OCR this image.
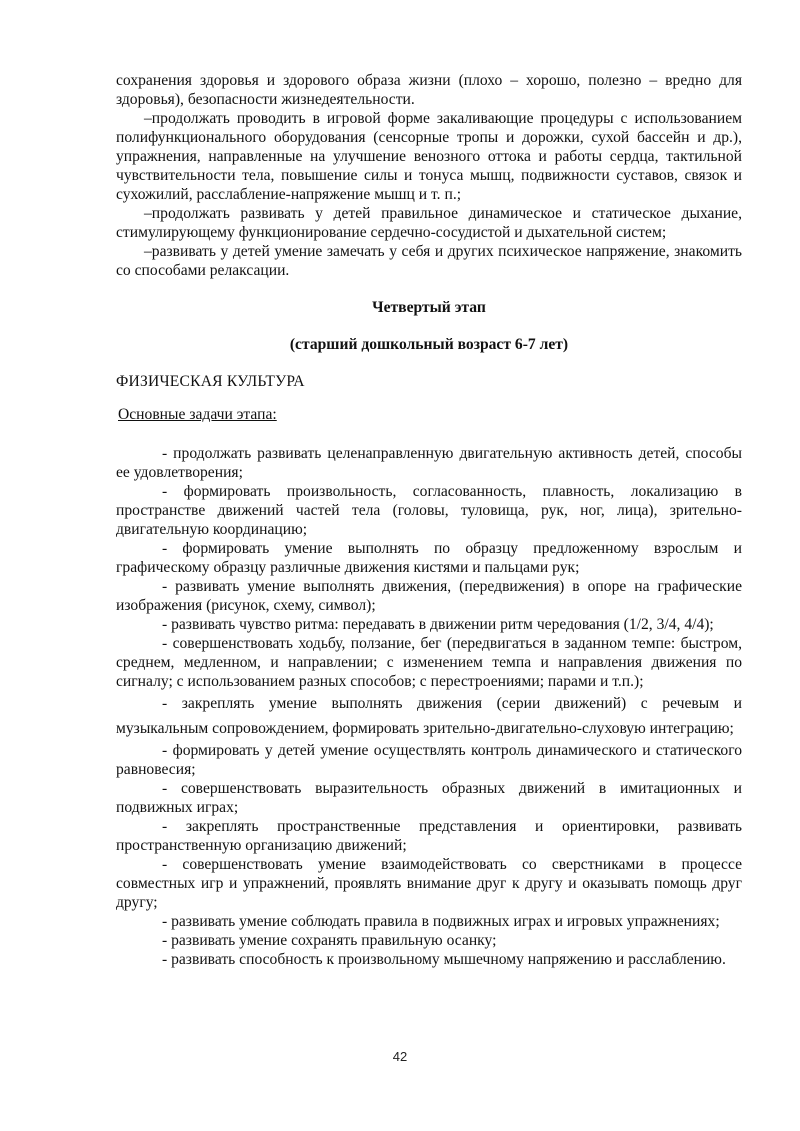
сохранения здоровья и здорового образа жизни (плохо – хорошо, полезно – вредно для здоровья), безопасности жизнедеятельности.

–продолжать проводить в игровой форме закаливающие процедуры с использованием полифункционального оборудования (сенсорные тропы и дорожки, сухой бассейн и др.), упражнения, направленные на улучшение венозного оттока и работы сердца, тактильной чувствительности тела, повышение силы и тонуса мышц, подвижности суставов, связок и сухожилий, расслабление-напряжение мышц и т. п.;

–продолжать развивать у детей правильное динамическое и статическое дыхание, стимулирующему функционирование сердечно-сосудистой и дыхательной систем;

–развивать у детей умение замечать у себя и других психическое напряжение, знакомить со способами релаксации.

Четвертый этап

(старший дошкольный возраст 6-7 лет)

ФИЗИЧЕСКАЯ КУЛЬТУРА

Основные задачи этапа:

- продолжать развивать целенаправленную двигательную активность детей, способы ее удовлетворения;

- формировать произвольность, согласованность, плавность, локализацию в пространстве движений частей тела (головы, туловища, рук, ног, лица), зрительно-двигательную координацию;

- формировать умение выполнять по образцу предложенному взрослым и графическому образцу различные движения кистями и пальцами рук;

- развивать умение выполнять движения, (передвижения) в опоре на графические изображения (рисунок, схему, символ);

- развивать чувство ритма: передавать в движении ритм чередования (1/2, 3/4, 4/4);

- совершенствовать ходьбу, ползание, бег (передвигаться в заданном темпе: быстром, среднем, медленном, и направлении; с изменением темпа и направления движения по сигналу; с использованием разных способов; с перестроениями; парами и т.п.);

- закреплять умение выполнять движения (серии движений) с речевым и музыкальным сопровождением, формировать зрительно-двигательно-слуховую интеграцию;

- формировать у детей умение осуществлять контроль динамического и статического равновесия;

- совершенствовать выразительность образных движений в имитационных и подвижных играх;

- закреплять пространственные представления и ориентировки, развивать пространственную организацию движений;

- совершенствовать умение взаимодействовать со сверстниками в процессе совместных игр и упражнений, проявлять внимание друг к другу и оказывать помощь друг другу;

- развивать умение соблюдать правила в подвижных играх и игровых упражнениях;

- развивать умение сохранять правильную осанку;

- развивать способность к произвольному мышечному напряжению и расслаблению.

42
